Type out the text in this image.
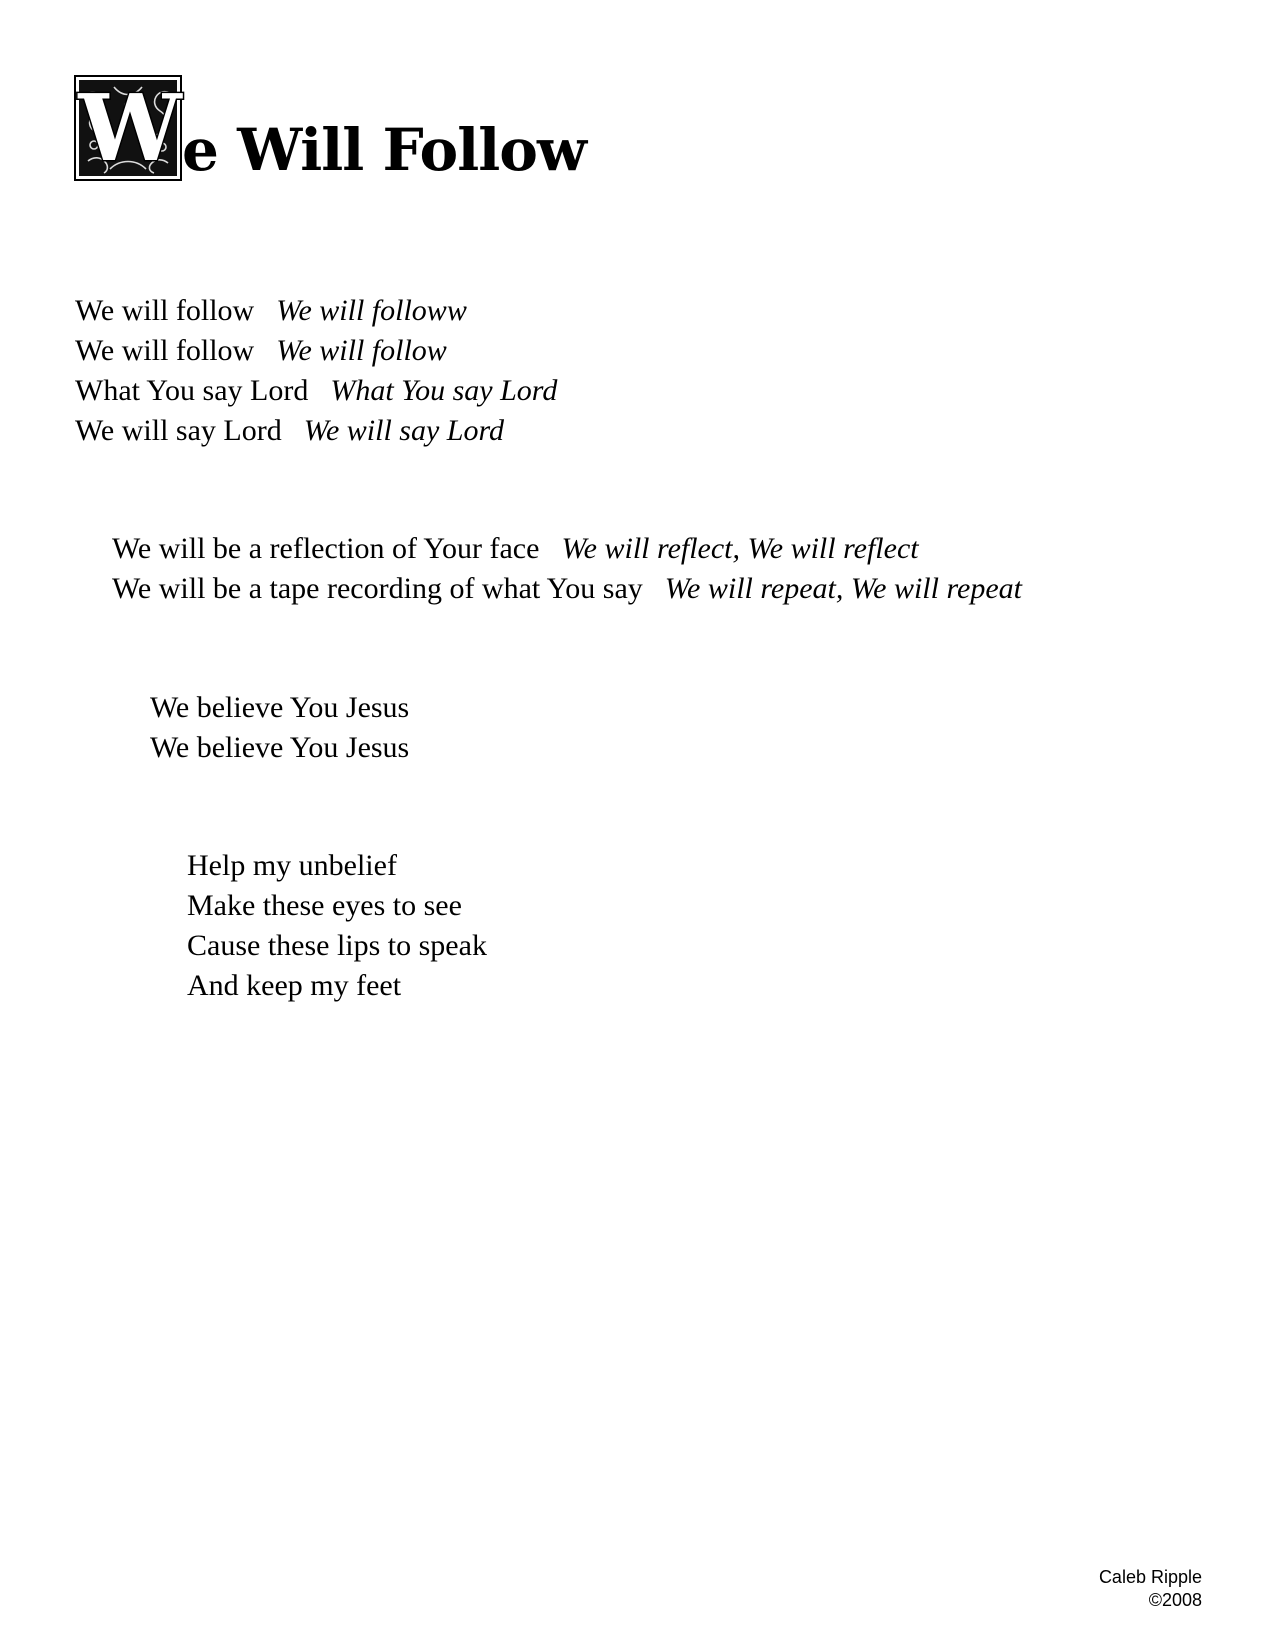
W e Will Follow
We will follow We will followw
We will follow We will follow
What You say Lord What You say Lord
We will say Lord We will say Lord
We will be a reflection of Your face We will reflect, We will reflect
We will be a tape recording of what You say We will repeat, We will repeat
We believe You Jesus
We believe You Jesus
Help my unbelief
Make these eyes to see
Cause these lips to speak
And keep my feet
Caleb Ripple
©2008
